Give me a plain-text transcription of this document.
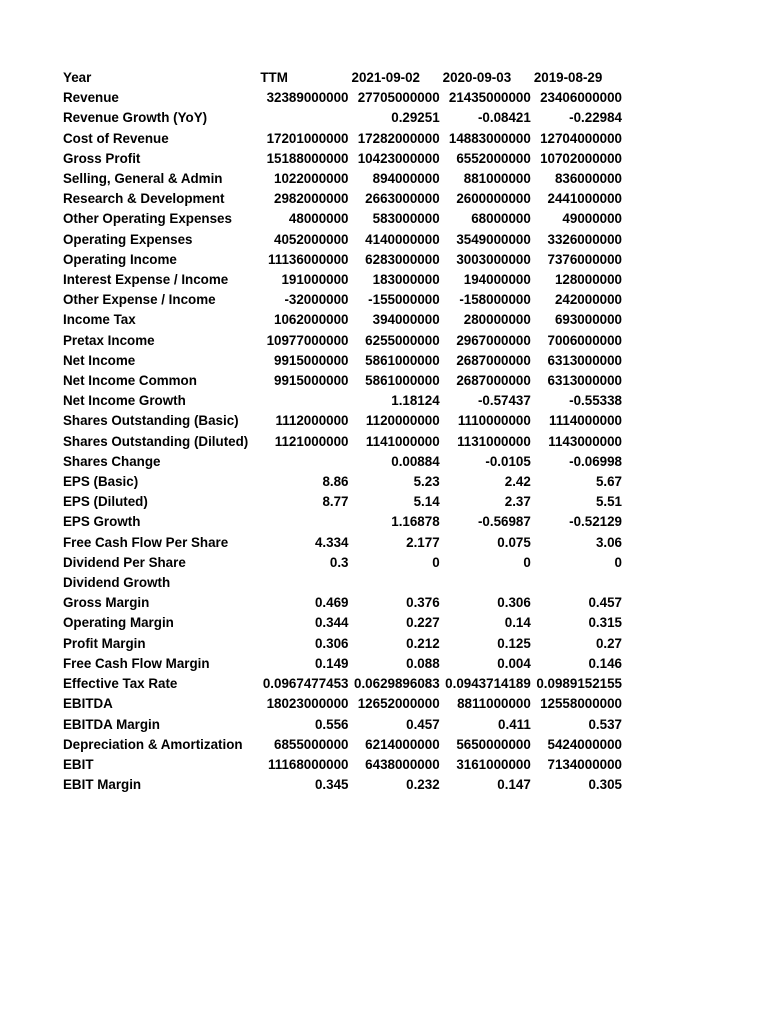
Year	TTM	2021-09-02	2020-09-03	2019-08-29
Revenue	32389000000	27705000000	21435000000	23406000000
Revenue Growth (YoY)		0.29251	-0.08421	-0.22984
Cost of Revenue	17201000000	17282000000	14883000000	12704000000
Gross Profit	15188000000	10423000000	6552000000	10702000000
Selling, General & Admin	1022000000	894000000	881000000	836000000
Research & Development	2982000000	2663000000	2600000000	2441000000
Other Operating Expenses	48000000	583000000	68000000	49000000
Operating Expenses	4052000000	4140000000	3549000000	3326000000
Operating Income	11136000000	6283000000	3003000000	7376000000
Interest Expense / Income	191000000	183000000	194000000	128000000
Other Expense / Income	-32000000	-155000000	-158000000	242000000
Income Tax	1062000000	394000000	280000000	693000000
Pretax Income	10977000000	6255000000	2967000000	7006000000
Net Income	9915000000	5861000000	2687000000	6313000000
Net Income Common	9915000000	5861000000	2687000000	6313000000
Net Income Growth		1.18124	-0.57437	-0.55338
Shares Outstanding (Basic)	1112000000	1120000000	1110000000	1114000000
Shares Outstanding (Diluted)	1121000000	1141000000	1131000000	1143000000
Shares Change		0.00884	-0.0105	-0.06998
EPS (Basic)	8.86	5.23	2.42	5.67
EPS (Diluted)	8.77	5.14	2.37	5.51
EPS Growth		1.16878	-0.56987	-0.52129
Free Cash Flow Per Share	4.334	2.177	0.075	3.06
Dividend Per Share	0.3	0	0	0
Dividend Growth				
Gross Margin	0.469	0.376	0.306	0.457
Operating Margin	0.344	0.227	0.14	0.315
Profit Margin	0.306	0.212	0.125	0.27
Free Cash Flow Margin	0.149	0.088	0.004	0.146
Effective Tax Rate	0.0967477453	0.0629896083	0.0943714189	0.0989152155
EBITDA	18023000000	12652000000	8811000000	12558000000
EBITDA Margin	0.556	0.457	0.411	0.537
Depreciation & Amortization	6855000000	6214000000	5650000000	5424000000
EBIT	11168000000	6438000000	3161000000	7134000000
EBIT Margin	0.345	0.232	0.147	0.305
